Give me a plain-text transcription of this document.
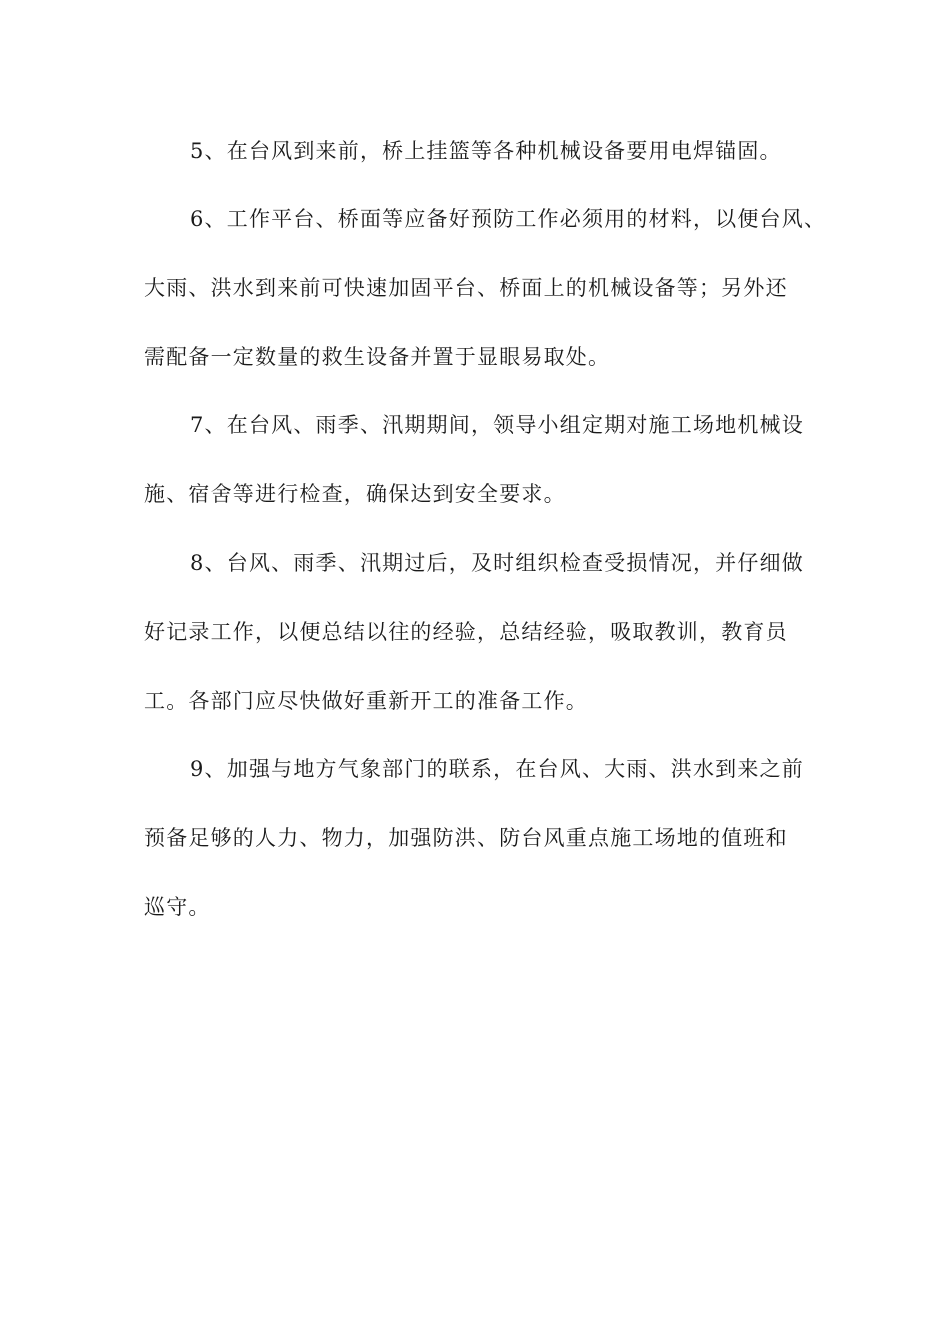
5、在台风到来前，桥上挂篮等各种机械设备要用电焊锚固。
6、工作平台、桥面等应备好预防工作必须用的材料，以便台风、
大雨、洪水到来前可快速加固平台、桥面上的机械设备等；另外还
需配备一定数量的救生设备并置于显眼易取处。
7、在台风、雨季、汛期期间，领导小组定期对施工场地机械设
施、宿舍等进行检查，确保达到安全要求。
8、台风、雨季、汛期过后，及时组织检查受损情况，并仔细做
好记录工作，以便总结以往的经验，总结经验，吸取教训，教育员
工。各部门应尽快做好重新开工的准备工作。
9、加强与地方气象部门的联系，在台风、大雨、洪水到来之前
预备足够的人力、物力，加强防洪、防台风重点施工场地的值班和
巡守。
